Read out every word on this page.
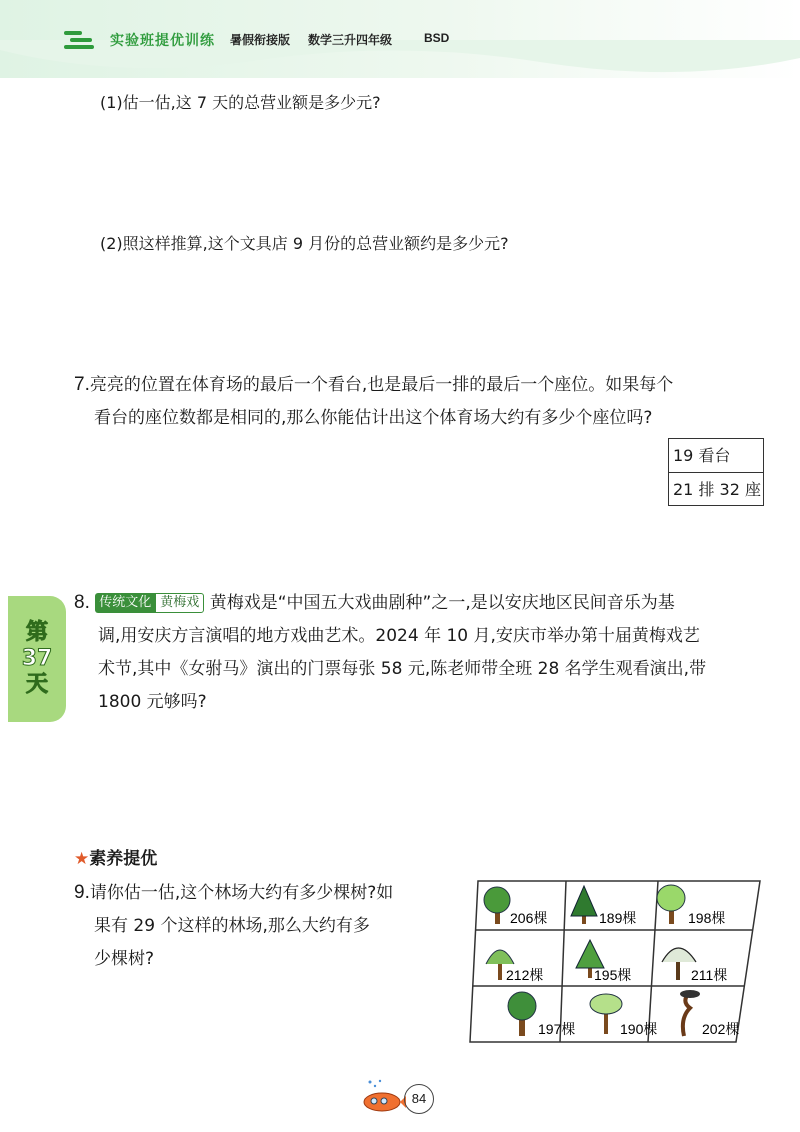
实验班提优训练 暑假衔接版 数学三升四年级	BSD
(1)估一估,这 7 天的总营业额是多少元?
(2)照这样推算,这个文具店 9 月份的总营业额约是多少元?
7.亮亮的位置在体育场的最后一个看台,也是最后一排的最后一个座位。如果每个
看台的座位数都是相同的,那么你能估计出这个体育场大约有多少个座位吗?
19 看台
21 排 32 座
第
37
天
8. 传统文化 黄梅戏 黄梅戏是“中国五大戏曲剧种”之一,是以安庆地区民间音乐为基
调,用安庆方言演唱的地方戏曲艺术。2024 年 10 月,安庆市举办第十届黄梅戏艺
术节,其中《女驸马》演出的门票每张 58 元,陈老师带全班 28 名学生观看演出,带
1800 元够吗?
★素养提优
9.请你估一估,这个林场大约有多少棵树?如
果有 29 个这样的林场,那么大约有多
少棵树?
206棵	189棵	198棵
212棵	195棵	211棵
197棵	190棵	202棵
84
